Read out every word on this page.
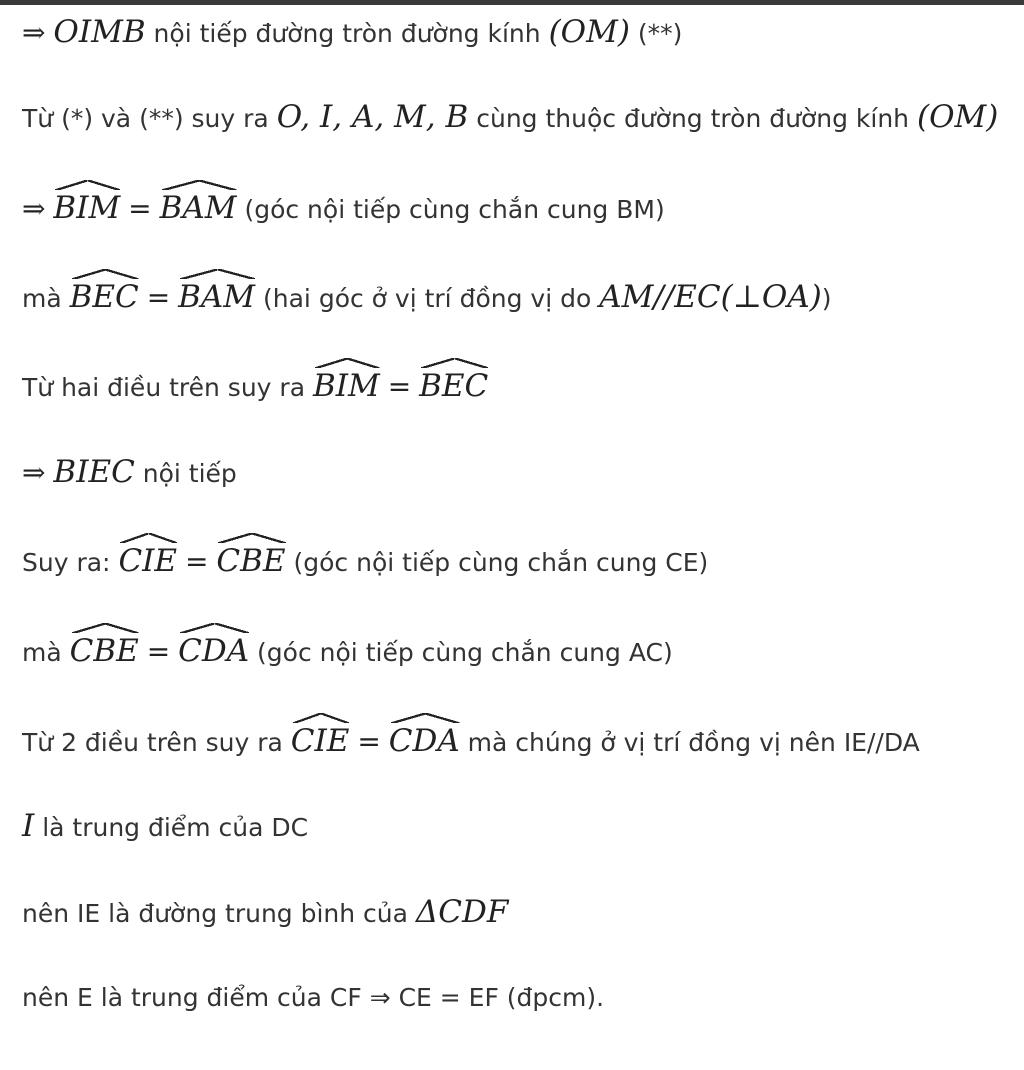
⇒ OIMB nội tiếp đường tròn đường kính (OM) (**)
Từ (*) và (**) suy ra O, I, A, M, B cùng thuộc đường tròn đường kính (OM)
⇒ BIM = BAM (góc nội tiếp cùng chắn cung BM)
mà BEC = BAM (hai góc ở vị trí đồng vị do AM//EC(⊥OA))
Từ hai điều trên suy ra BIM = BEC
⇒ BIEC nội tiếp
Suy ra: CIE = CBE (góc nội tiếp cùng chắn cung CE)
mà CBE = CDA (góc nội tiếp cùng chắn cung AC)
Từ 2 điều trên suy ra CIE = CDA mà chúng ở vị trí đồng vị nên IE//DA
I là trung điểm của DC
nên IE là đường trung bình của ΔCDF
nên E là trung điểm của CF ⇒ CE = EF (đpcm).
